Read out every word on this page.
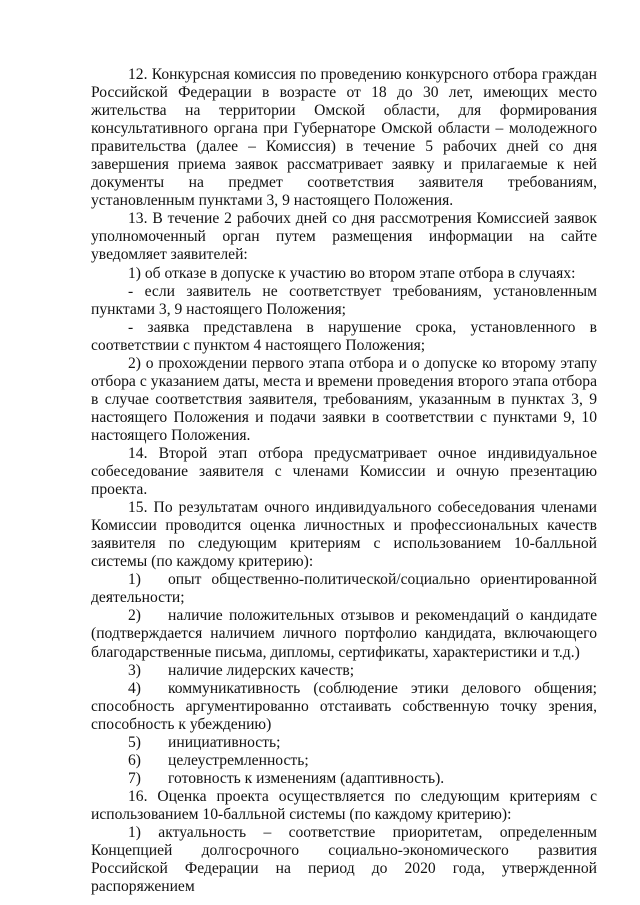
12. Конкурсная комиссия по проведению конкурсного отбора граждан Российской Федерации в возрасте от 18 до 30 лет, имеющих место жительства на территории Омской области, для формирования консультативного органа при Губернаторе Омской области – молодежного правительства (далее – Комиссия) в течение 5 рабочих дней со дня завершения приема заявок рассматривает заявку и прилагаемые к ней документы на предмет соответствия заявителя требованиям, установленным пунктами 3, 9 настоящего Положения.

13. В течение 2 рабочих дней со дня рассмотрения Комиссией заявок уполномоченный орган путем размещения информации на сайте уведомляет заявителей:

1) об отказе в допуске к участию во втором этапе отбора в случаях:

- если заявитель не соответствует требованиям, установленным пунктами 3, 9 настоящего Положения;

- заявка представлена в нарушение срока, установленного в соответствии с пунктом 4 настоящего Положения;

2) о прохождении первого этапа отбора и о допуске ко второму этапу отбора с указанием даты, места и времени проведения второго этапа отбора в случае соответствия заявителя, требованиям, указанным в пунктах 3, 9 настоящего Положения и подачи заявки в соответствии с пунктами 9, 10 настоящего Положения.

14. Второй этап отбора предусматривает очное индивидуальное собеседование заявителя с членами Комиссии и очную презентацию проекта.

15. По результатам очного индивидуального собеседования членами Комиссии проводится оценка личностных и профессиональных качеств заявителя по следующим критериям с использованием 10-балльной системы (по каждому критерию):

1) опыт общественно-политической/социально ориентированной деятельности;

2) наличие положительных отзывов и рекомендаций о кандидате (подтверждается наличием личного портфолио кандидата, включающего благодарственные письма, дипломы, сертификаты, характеристики и т.д.)

3) наличие лидерских качеств;

4) коммуникативность (соблюдение этики делового общения; способность аргументированно отстаивать собственную точку зрения, способность к убеждению)

5) инициативность;

6) целеустремленность;

7) готовность к изменениям (адаптивность).

16. Оценка проекта осуществляется по следующим критериям с использованием 10-балльной системы (по каждому критерию):

1) актуальность – соответствие приоритетам, определенным Концепцией долгосрочного социально-экономического развития Российской Федерации на период до 2020 года, утвержденной распоряжением
